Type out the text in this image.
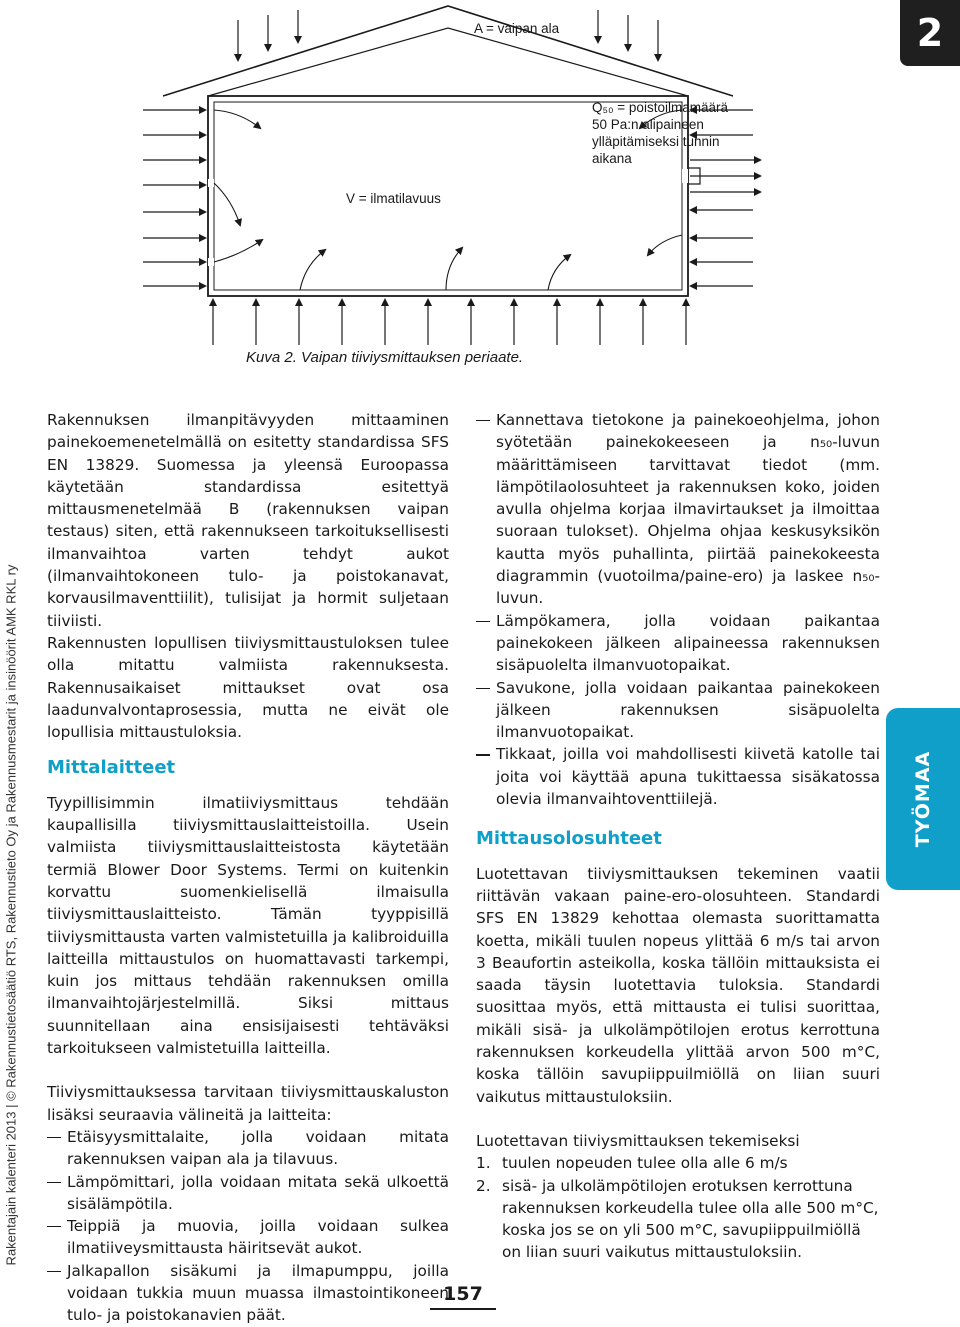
2
TYÖMAA
Rakentajain kalenteri 2013 | © Rakennustietosäätiö RTS, Rakennustieto Oy ja Rakennusmestarit ja insinöörit AMK RKL ry
A = vaipan ala
Q₅₀ = poistoilmamäärä
50 Pa:n alipaineen
ylläpitämiseksi tunnin
aikana
V = ilmatilavuus
Kuva 2. Vaipan tiiviysmittauksen periaate.

Rakennuksen ilmanpitävyyden mittaaminen painekoemenetelmällä on esitetty standardissa SFS EN 13829. Suomessa ja yleensä Euroopassa käytetään standardissa esitettyä mittausmenetelmää B (rakennuksen vaipan testaus) siten, että rakennukseen tarkoituksellisesti ilmanvaihtoa varten tehdyt aukot (ilmanvaihtokoneen tulo- ja poistokanavat, korvausilmaventtiilit), tulisijat ja hormit suljetaan tiiviisti.

Rakennusten lopullisen tiiviysmittaustuloksen tulee olla mitattu valmiista rakennuksesta. Rakennusaikaiset mittaukset ovat osa laadunvalvontaprosessia, mutta ne eivät ole lopullisia mittaustuloksia.

Mittalaitteet

Tyypillisimmin ilmatiiviysmittaus tehdään kaupallisilla tiiviysmittauslaitteistoilla. Usein valmiista tiiviysmittauslaitteistosta käytetään termiä Blower Door Systems. Termi on kuitenkin korvattu suomenkielisellä ilmaisulla tiiviysmittauslaitteisto. Tämän tyyppisillä tiiviysmittausta varten valmistetuilla ja kalibroiduilla laitteilla mittaustulos on huomattavasti tarkempi, kuin jos mittaus tehdään rakennuksen omilla ilmanvaihtojärjestelmillä. Siksi mittaus suunnitellaan aina ensisijaisesti tehtäväksi tarkoitukseen valmistetuilla laitteilla.

Tiiviysmittauksessa tarvitaan tiiviysmittauskaluston lisäksi seuraavia välineitä ja laitteita:

Etäisyysmittalaite, jolla voidaan mitata rakennuksen vaipan ala ja tilavuus.
Lämpömittari, jolla voidaan mitata sekä ulkoettä sisälämpötila.
Teippiä ja muovia, joilla voidaan sulkea ilmatiiveysmittausta häiritsevät aukot.
Jalkapallon sisäkumi ja ilmapumppu, joilla voidaan tukkia muun muassa ilmastointikoneen tulo- ja poistokanavien päät.
Kannettava tietokone ja painekoeohjelma, johon syötetään painekokeeseen ja n₅₀-luvun määrittämiseen tarvittavat tiedot (mm. lämpötilaolosuhteet ja rakennuksen koko, joiden avulla ohjelma korjaa ilmavirtaukset ja ilmoittaa suoraan tulokset). Ohjelma ohjaa keskusyksikön kautta myös puhallinta, piirtää painekokeesta diagrammin (vuotoilma/paine-ero) ja laskee n₅₀-luvun.
Lämpökamera, jolla voidaan paikantaa painekokeen jälkeen alipaineessa rakennuksen sisäpuolelta ilmanvuotopaikat.
Savukone, jolla voidaan paikantaa painekokeen jälkeen rakennuksen sisäpuolelta ilmanvuotopaikat.
Tikkaat, joilla voi mahdollisesti kiivetä katolle tai joita voi käyttää apuna tukittaessa sisäkatossa olevia ilmanvaihtoventtiilejä.
Mittausolosuhteet

Luotettavan tiiviysmittauksen tekeminen vaatii riittävän vakaan paine-ero-olosuhteen. Standardi SFS EN 13829 kehottaa olemasta suorittamatta koetta, mikäli tuulen nopeus ylittää 6 m/s tai arvon 3 Beaufortin asteikolla, koska tällöin mittauksista ei saada täysin luotettavia tuloksia. Standardi suosittaa myös, että mittausta ei tulisi suorittaa, mikäli sisä- ja ulkolämpötilojen erotus kerrottuna rakennuksen korkeudella ylittää arvon 500 m°C, koska tällöin savupiippuilmiöllä on liian suuri vaikutus mittaustuloksiin.

Luotettavan tiiviysmittauksen tekemiseksi

1. tuulen nopeuden tulee olla alle 6 m/s
2. sisä- ja ulkolämpötilojen erotuksen kerrottuna rakennuksen korkeudella tulee olla alle 500 m°C, koska jos se on yli 500 m°C, savupiippuilmiöllä on liian suuri vaikutus mittaustuloksiin.
157
